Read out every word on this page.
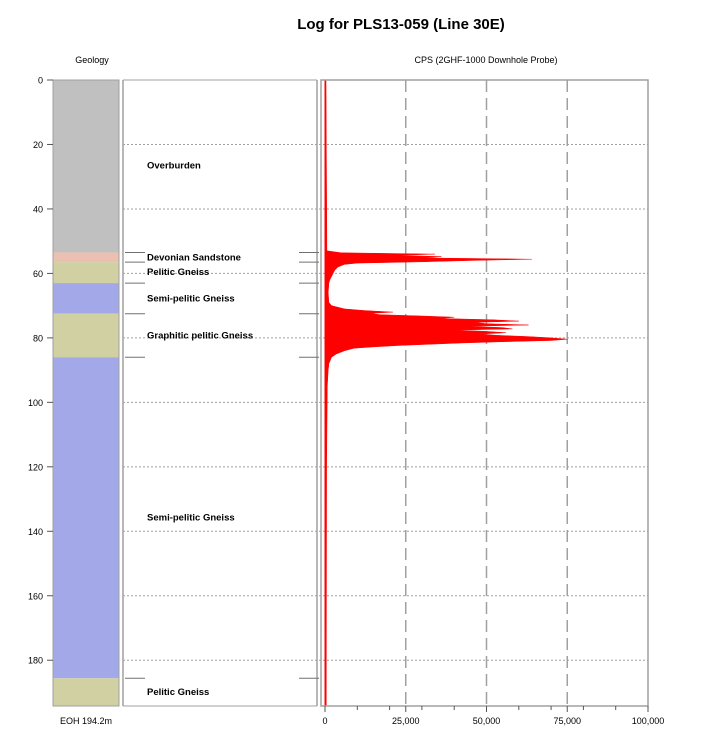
Log for PLS13-059 (Line 30E)
Geology	CPS (2GHF-1000 Downhole Probe)
Overburden
Devonian Sandstone
Pelitic Gneiss
Semi-pelitic Gneiss
Graphitic pelitic Gneiss
Semi-pelitic Gneiss
Pelitic Gneiss
0
20
40
60
80
100
120
140
160
180
0	25,000	50,000	75,000	100,000
EOH 194.2m
